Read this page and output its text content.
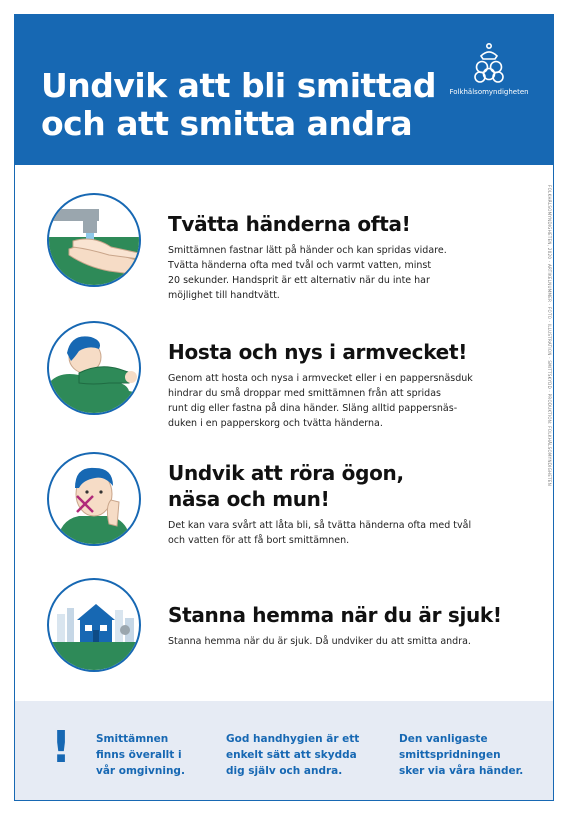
Undvik att bli smittad
och att smitta andra
Folkhälsomyndigheten
FOLKHÄLSOMYNDIGHETEN, 2020 · ARTIKELNUMMER · FOTO · ILLUSTRATION · SMITTSKYDD · PRODUKTION: FOLKHÄLSOMYNDIGHETEN
Tvätta händerna ofta!

Smittämnen fastnar lätt på händer och kan spridas vidare.
Tvätta händerna ofta med tvål och varmt vatten, minst
20 sekunder. Handsprit är ett alternativ när du inte har
möjlighet till handtvätt.

Hosta och nys i armvecket!

Genom att hosta och nysa i armvecket eller i en pappersnäsduk
hindrar du små droppar med smittämnen från att spridas
runt dig eller fastna på dina händer. Släng alltid pappersnäs-
duken i en papperskorg och tvätta händerna.

Undvik att röra ögon,
näsa och mun!

Det kan vara svårt att låta bli, så tvätta händerna ofta med tvål
och vatten för att få bort smittämnen.

Stanna hemma när du är sjuk!

Stanna hemma när du är sjuk. Då undviker du att smitta andra.

! Smittämnen
finns överallt i
vår omgivning.

God handhygien är ett
enkelt sätt att skydda
dig själv och andra.

Den vanligaste
smittspridningen
sker via våra händer.
